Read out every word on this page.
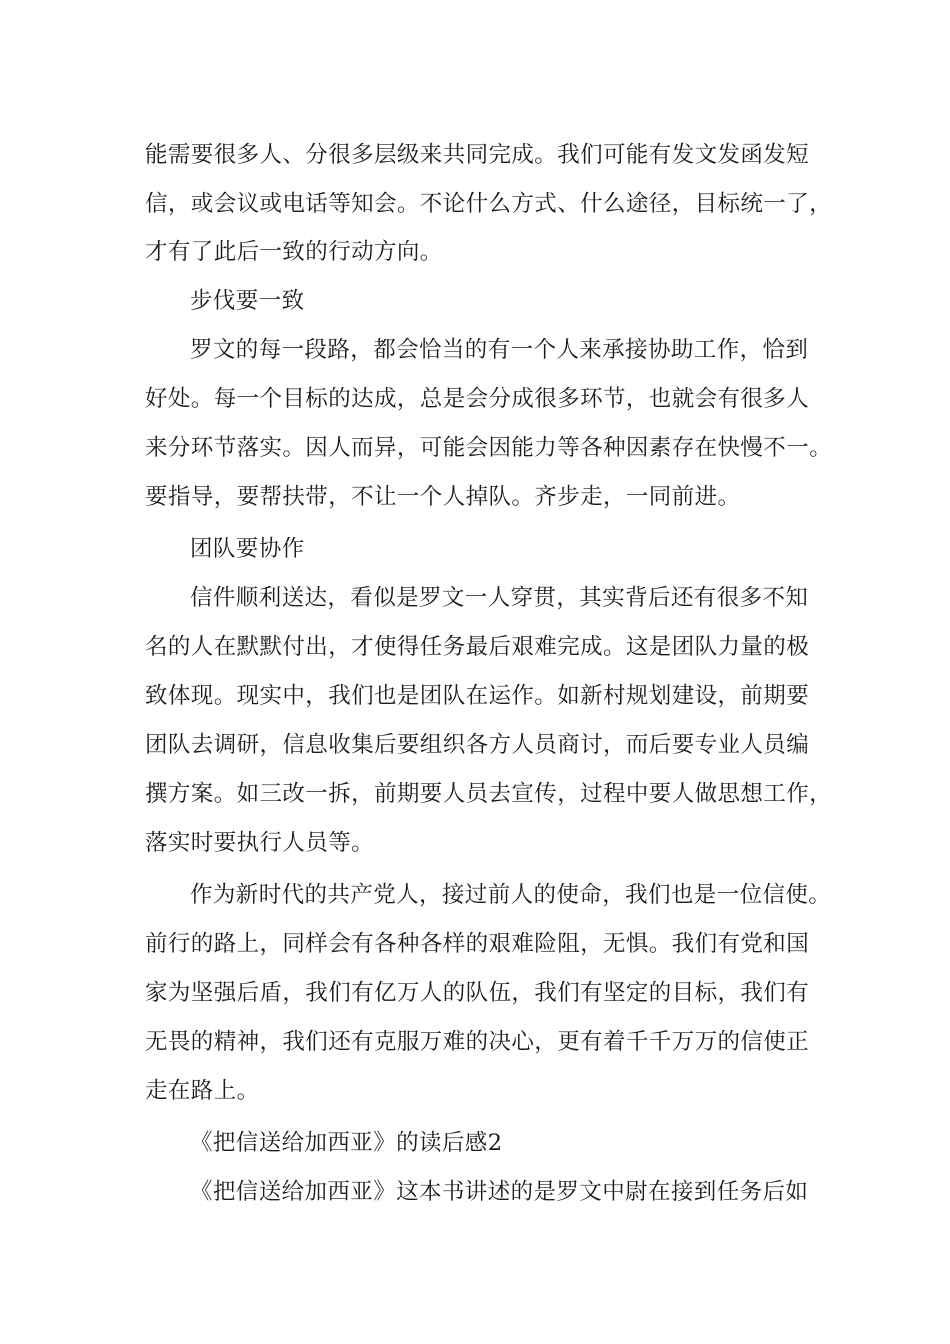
能需要很多人、分很多层级来共同完成。我们可能有发文发函发短

信，或会议或电话等知会。不论什么方式、什么途径，目标统一了，

才有了此后一致的行动方向。

步伐要一致

罗文的每一段路，都会恰当的有一个人来承接协助工作，恰到

好处。每一个目标的达成，总是会分成很多环节，也就会有很多人

来分环节落实。因人而异，可能会因能力等各种因素存在快慢不一。

要指导，要帮扶带，不让一个人掉队。齐步走，一同前进。

团队要协作

信件顺利送达，看似是罗文一人穿贯，其实背后还有很多不知

名的人在默默付出，才使得任务最后艰难完成。这是团队力量的极

致体现。现实中，我们也是团队在运作。如新村规划建设，前期要

团队去调研，信息收集后要组织各方人员商讨，而后要专业人员编

撰方案。如三改一拆，前期要人员去宣传，过程中要人做思想工作，

落实时要执行人员等。

作为新时代的共产党人，接过前人的使命，我们也是一位信使。

前行的路上，同样会有各种各样的艰难险阻，无惧。我们有党和国

家为坚强后盾，我们有亿万人的队伍，我们有坚定的目标，我们有

无畏的精神，我们还有克服万难的决心，更有着千千万万的信使正

走在路上。

《把信送给加西亚》的读后感2

《把信送给加西亚》这本书讲述的是罗文中尉在接到任务后如
